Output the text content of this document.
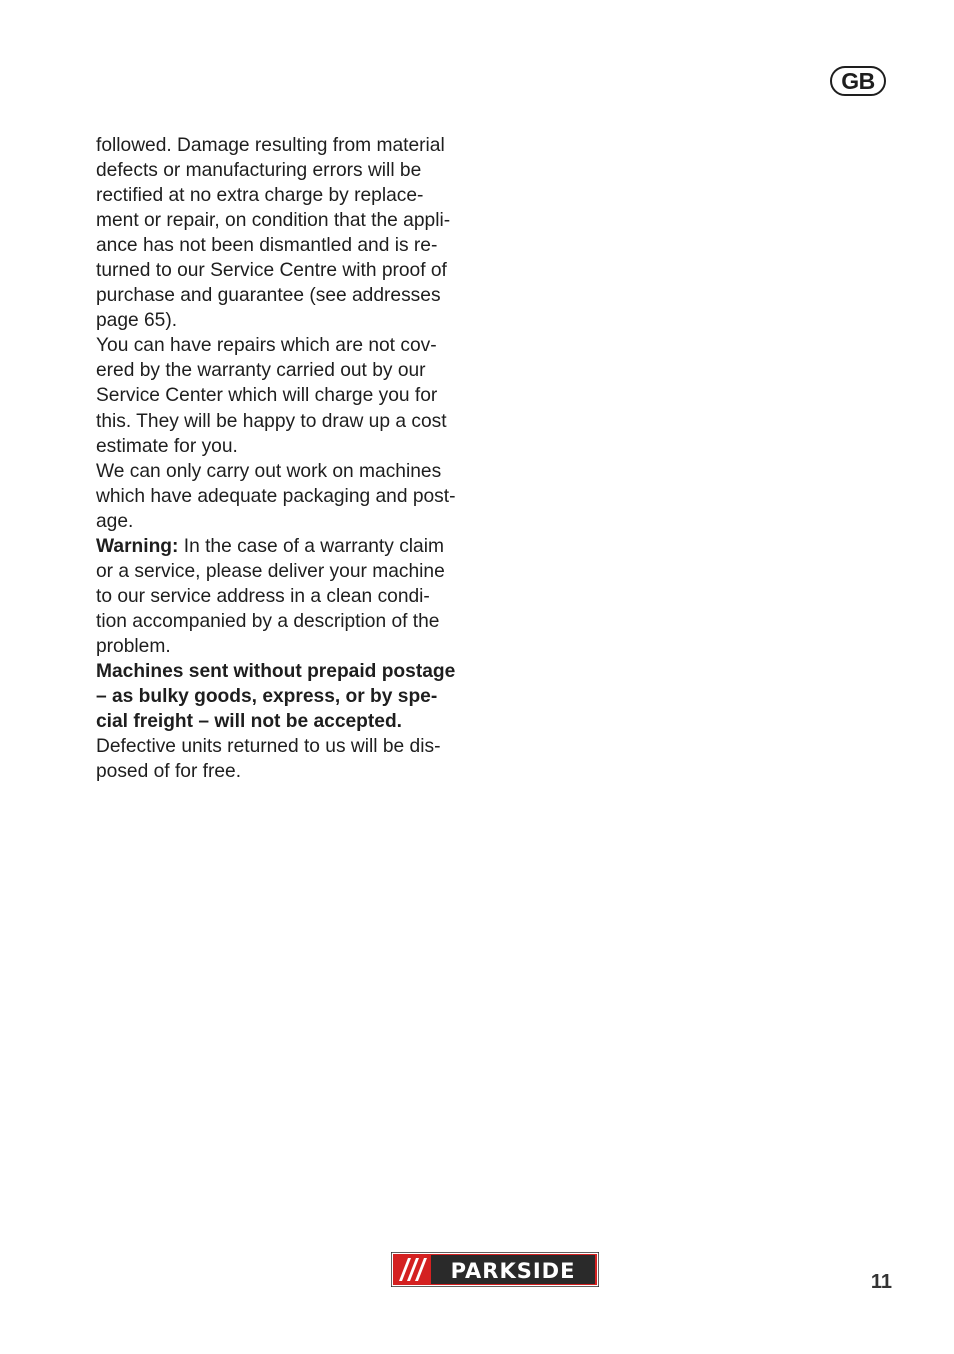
GB

followed. Damage resulting from material
defects or manufacturing errors will be
rectified at no extra charge by replace-
ment or repair, on condition that the appli-
ance has not been dismantled and is re-
turned to our Service Centre with proof of
purchase and guarantee (see addresses
page 65).

You can have repairs which are not cov-
ered by the warranty carried out by our
Service Center which will charge you for
this. They will be happy to draw up a cost
estimate for you.

We can only carry out work on machines
which have adequate packaging and post-
age.

Warning: In the case of a warranty claim
or a service, please deliver your machine
to our service address in a clean condi-
tion accompanied by a description of the
problem.

Machines sent without prepaid postage
– as bulky goods, express, or by spe-
cial freight – will not be accepted.

Defective units returned to us will be dis-
posed of for free.

PARKSIDE	11
